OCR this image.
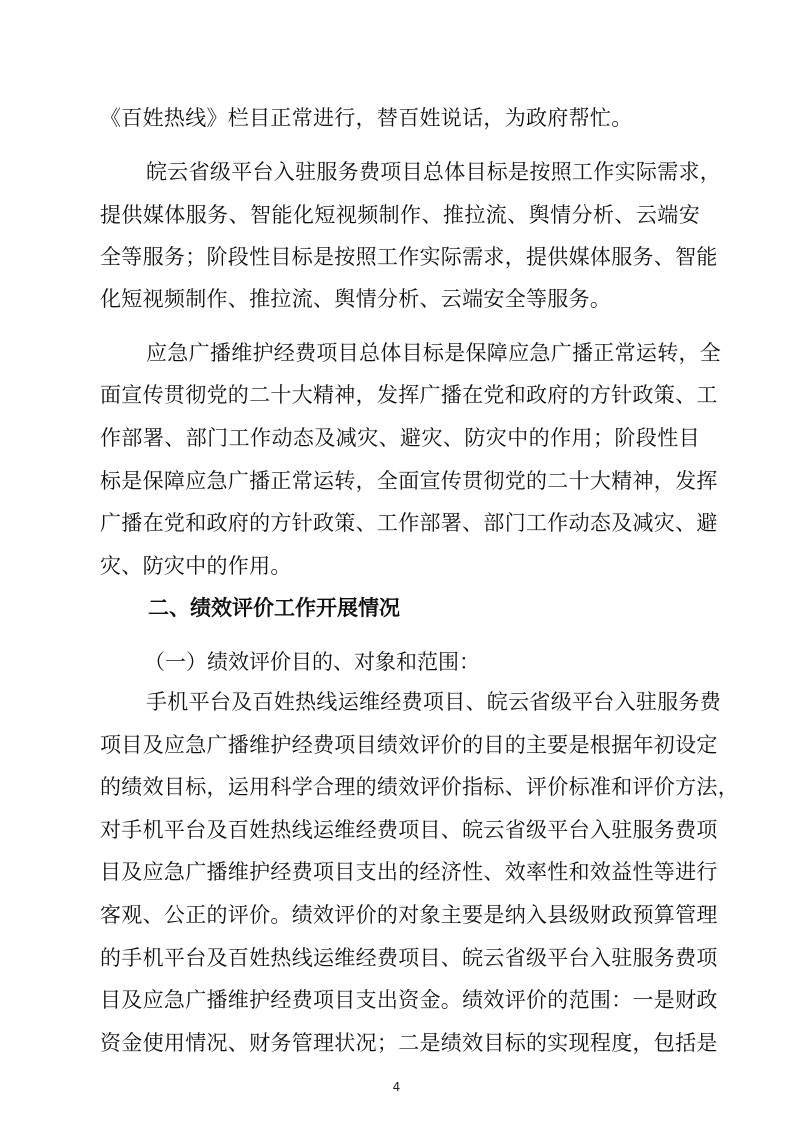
《百姓热线》栏目正常进行，替百姓说话，为政府帮忙。
皖云省级平台入驻服务费项目总体目标是按照工作实际需求，
提供媒体服务、智能化短视频制作、推拉流、舆情分析、云端安
全等服务；阶段性目标是按照工作实际需求，提供媒体服务、智能
化短视频制作、推拉流、舆情分析、云端安全等服务。
应急广播维护经费项目总体目标是保障应急广播正常运转，全
面宣传贯彻党的二十大精神，发挥广播在党和政府的方针政策、工
作部署、部门工作动态及减灾、避灾、防灾中的作用；阶段性目
标是保障应急广播正常运转，全面宣传贯彻党的二十大精神，发挥
广播在党和政府的方针政策、工作部署、部门工作动态及减灾、避
灾、防灾中的作用。
二、绩效评价工作开展情况
（一）绩效评价目的、对象和范围：
手机平台及百姓热线运维经费项目、皖云省级平台入驻服务费
项目及应急广播维护经费项目绩效评价的目的主要是根据年初设定
的绩效目标，运用科学合理的绩效评价指标、评价标准和评价方法，
对手机平台及百姓热线运维经费项目、皖云省级平台入驻服务费项
目及应急广播维护经费项目支出的经济性、效率性和效益性等进行
客观、公正的评价。绩效评价的对象主要是纳入县级财政预算管理
的手机平台及百姓热线运维经费项目、皖云省级平台入驻服务费项
目及应急广播维护经费项目支出资金。绩效评价的范围：一是财政
资金使用情况、财务管理状况；二是绩效目标的实现程度，包括是
4
